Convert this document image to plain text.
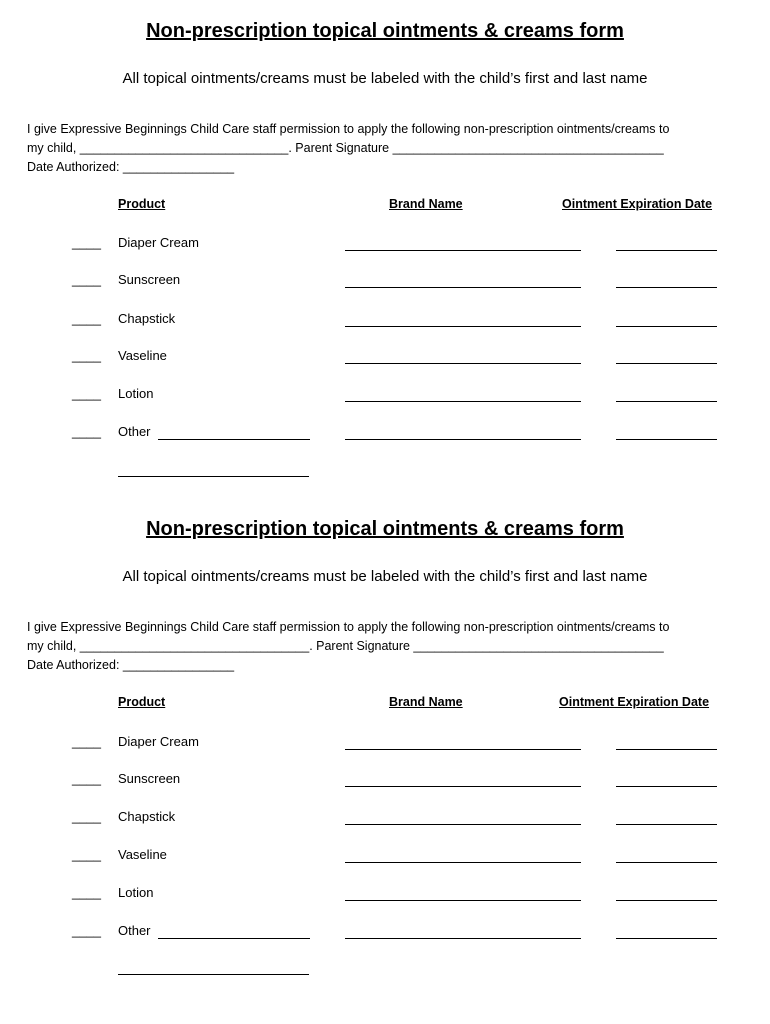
Non-prescription topical ointments & creams form
All topical ointments/creams must be labeled with the child’s first and last name
I give Expressive Beginnings Child Care staff permission to apply the following non-prescription ointments/creams to
my child, ______________________________. Parent Signature _______________________________________
Date Authorized: ________________
Product	Brand Name	Ointment Expiration Date
____ Diaper Cream
____ Sunscreen
____ Chapstick
____ Vaseline
____ Lotion
____ Other
Non-prescription topical ointments & creams form
All topical ointments/creams must be labeled with the child’s first and last name
I give Expressive Beginnings Child Care staff permission to apply the following non-prescription ointments/creams to
my child, _________________________________. Parent Signature ____________________________________
Date Authorized: ________________
Product	Brand Name	Ointment Expiration Date
____ Diaper Cream
____ Sunscreen
____ Chapstick
____ Vaseline
____ Lotion
____ Other
